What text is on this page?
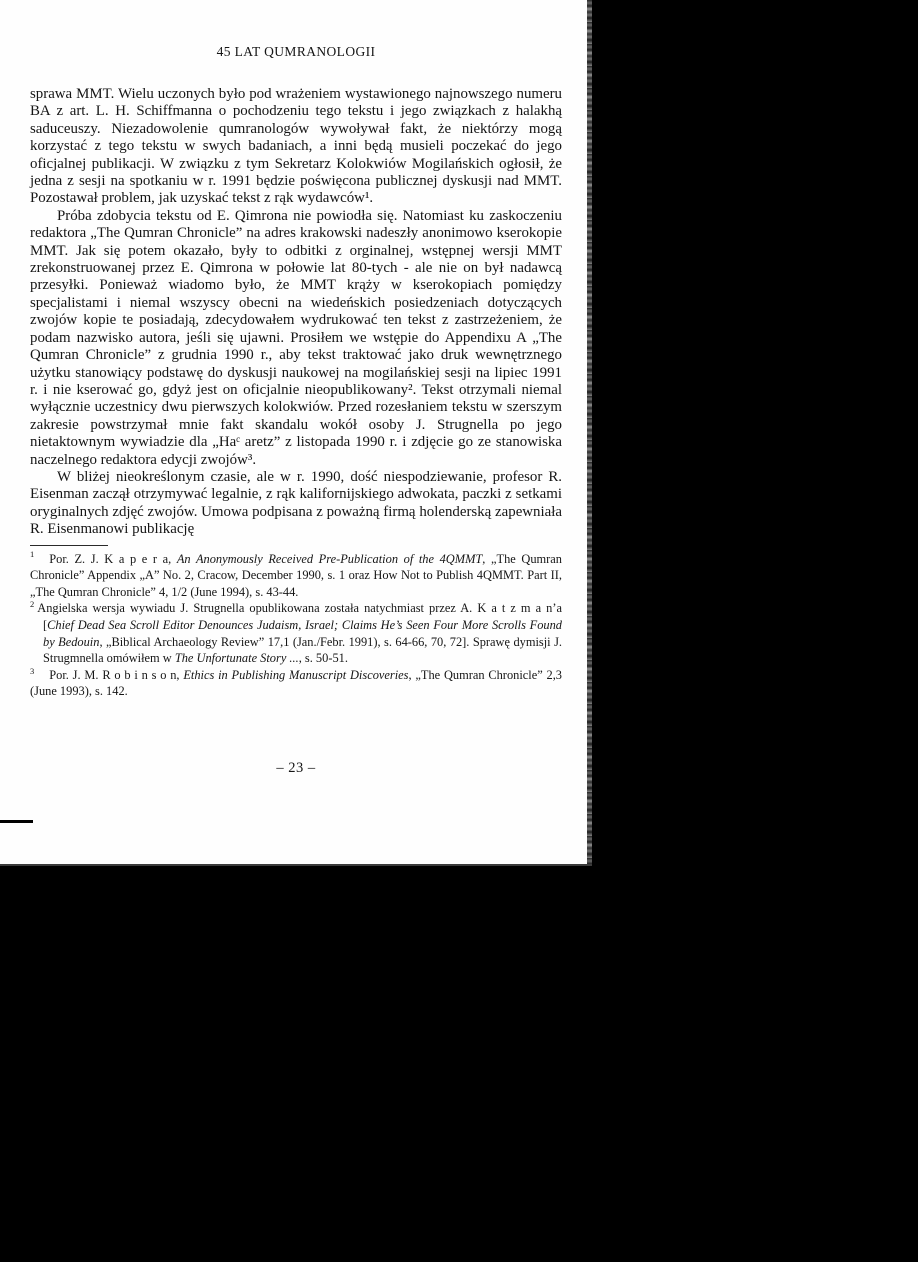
45 LAT QUMRANOLOGII

sprawa MMT. Wielu uczonych było pod wrażeniem wystawionego najnowszego numeru BA z art. L. H. Schiffmanna o pochodzeniu tego tekstu i jego związkach z halakhą saduceuszy. Niezadowolenie qumranologów wywoływał fakt, że niektórzy mogą korzystać z tego tekstu w swych badaniach, a inni będą musieli poczekać do jego oficjalnej publikacji. W związku z tym Sekretarz Kolokwiów Mogilańskich ogłosił, że jedna z sesji na spotkaniu w r. 1991 będzie poświęcona publicznej dyskusji nad MMT. Pozostawał problem, jak uzyskać tekst z rąk wydawców¹.

Próba zdobycia tekstu od E. Qimrona nie powiodła się. Natomiast ku zaskoczeniu redaktora „The Qumran Chronicle” na adres krakowski nadeszły anonimowo kserokopie MMT. Jak się potem okazało, były to odbitki z orginalnej, wstępnej wersji MMT zrekonstruowanej przez E. Qimrona w połowie lat 80-tych - ale nie on był nadawcą przesyłki. Ponieważ wiadomo było, że MMT krąży w kserokopiach pomiędzy specjalistami i niemal wszyscy obecni na wiedeńskich posiedzeniach dotyczących zwojów kopie te posiadają, zdecydowałem wydrukować ten tekst z zastrzeżeniem, że podam nazwisko autora, jeśli się ujawni. Prosiłem we wstępie do Appendixu A „The Qumran Chronicle” z grudnia 1990 r., aby tekst traktować jako druk wewnętrznego użytku stanowiący podstawę do dyskusji naukowej na mogilańskiej sesji na lipiec 1991 r. i nie kserować go, gdyż jest on oficjalnie nieopublikowany². Tekst otrzymali niemal wyłącznie uczestnicy dwu pierwszych kolokwiów. Przed rozesłaniem tekstu w szerszym zakresie powstrzymał mnie fakt skandalu wokół osoby J. Strugnella po jego nietaktownym wywiadzie dla „Haᶜ aretz” z listopada 1990 r. i zdjęcie go ze stanowiska naczelnego redaktora edycji zwojów³.

W bliżej nieokreślonym czasie, ale w r. 1990, dość niespodziewanie, profesor R. Eisenman zaczął otrzymywać legalnie, z rąk kalifornijskiego adwokata, paczki z setkami oryginalnych zdjęć zwojów. Umowa podpisana z poważną firmą holenderską zapewniała R. Eisenmanowi publikację

$^1$ Por. Z. J. K a p e r a, An Anonymously Received Pre-Publication of the 4QMMT, „The Qumran Chronicle” Appendix „A” No. 2, Cracow, December 1990, s. 1 oraz How Not to Publish 4QMMT. Part II, „The Qumran Chronicle” 4, 1/2 (June 1994), s. 43-44.

$^2$ Angielska wersja wywiadu J. Strugnella opublikowana została natychmiast przez A. K a t z m a n’a [Chief Dead Sea Scroll Editor Denounces Judaism, Israel; Claims He’s Seen Four More Scrolls Found by Bedouin, „Biblical Archaeology Review” 17,1 (Jan./Febr. 1991), s. 64-66, 70, 72]. Sprawę dymisji J. Strugmnella omówiłem w The Unfortunate Story ..., s. 50-51.

$^3$ Por. J. M. R o b i n s o n, Ethics in Publishing Manuscript Discoveries, „The Qumran Chronicle” 2,3 (June 1993), s. 142.

– 23 –
